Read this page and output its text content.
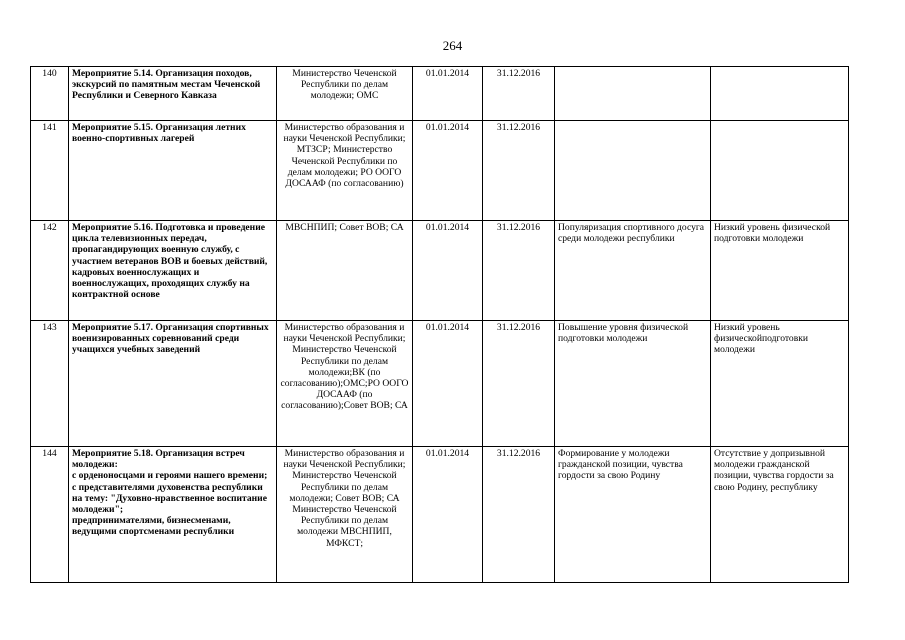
264
140	Мероприятие 5.14. Организация походов, экскурсий по памятным местам Чеченской Республики и Северного Кавказа	Министерство Чеченской Республики по делам молодежи; ОМС	01.01.2014	31.12.2016		
141	Мероприятие 5.15. Организация летних военно-спортивных лагерей	Министерство образования и науки Чеченской Республики; МТЗСР; Министерство Чеченской Республики по делам молодежи; РО ООГО ДОСААФ (по согласованию)	01.01.2014	31.12.2016		
142	Мероприятие 5.16. Подготовка и проведение цикла телевизионных передач, пропагандирующих военную службу, с участием ветеранов ВОВ и боевых действий, кадровых военнослужащих и военнослужащих, проходящих службу на контрактной основе	МВСНПИП; Совет ВОВ; СА	01.01.2014	31.12.2016	Популяризация спортивного досуга среди молодежи республики	Низкий уровень физической подготовки молодежи
143	Мероприятие 5.17. Организация спортивных военизированных соревнований среди учащихся учебных заведений	Министерство образования и науки Чеченской Республики; Министерство Чеченской Республики по делам молодежи;ВК (по согласованию);ОМС;РО ООГО ДОСААФ (по согласованию);Совет ВОВ; СА	01.01.2014	31.12.2016	Повышение уровня физической подготовки молодежи	Низкий уровень физическойподготовки молодежи
144	Мероприятие 5.18. Организация встреч молодежи:
с орденоносцами и героями нашего времени;
с представителями духовенства республики на тему: "Духовно-нравственное воспитание молодежи";
предпринимателями, бизнесменами, ведущими спортсменами республики	Министерство образования и науки Чеченской Республики; Министерство Чеченской Республики по делам молодежи; Совет ВОВ; СА Министерство Чеченской Республики по делам молодежи МВСНПИП, МФКСТ;	01.01.2014	31.12.2016	Формирование у молодежи гражданской позиции, чувства гордости за свою Родину	Отсутствие у допризывной молодежи гражданской позиции, чувства гордости за свою Родину, республику
